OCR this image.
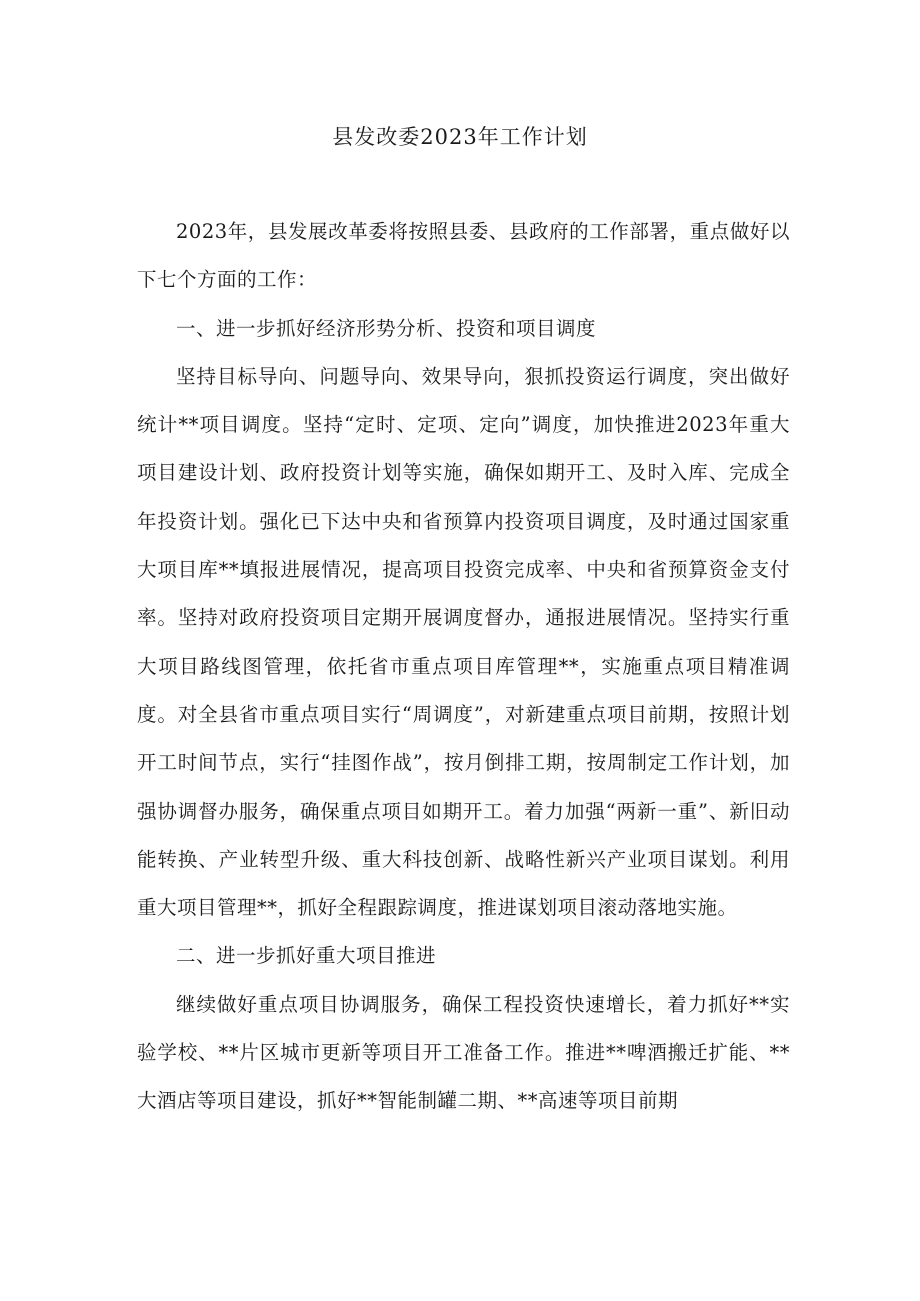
县发改委2023年工作计划

2023年，县发展改革委将按照县委、县政府的工作部署，重点做好以下七个方面的工作：

一、进一步抓好经济形势分析、投资和项目调度

坚持目标导向、问题导向、效果导向，狠抓投资运行调度，突出做好统计**项目调度。坚持“定时、定项、定向”调度，加快推进2023年重大项目建设计划、政府投资计划等实施，确保如期开工、及时入库、完成全年投资计划。强化已下达中央和省预算内投资项目调度，及时通过国家重大项目库**填报进展情况，提高项目投资完成率、中央和省预算资金支付率。坚持对政府投资项目定期开展调度督办，通报进展情况。坚持实行重大项目路线图管理，依托省市重点项目库管理**，实施重点项目精准调度。对全县省市重点项目实行“周调度”，对新建重点项目前期，按照计划开工时间节点，实行“挂图作战”，按月倒排工期，按周制定工作计划，加强协调督办服务，确保重点项目如期开工。着力加强“两新一重”、新旧动能转换、产业转型升级、重大科技创新、战略性新兴产业项目谋划。利用重大项目管理**，抓好全程跟踪调度，推进谋划项目滚动落地实施。

二、进一步抓好重大项目推进

继续做好重点项目协调服务，确保工程投资快速增长，着力抓好**实验学校、**片区城市更新等项目开工准备工作。推进**啤酒搬迁扩能、**大酒店等项目建设，抓好**智能制罐二期、**高速等项目前期
